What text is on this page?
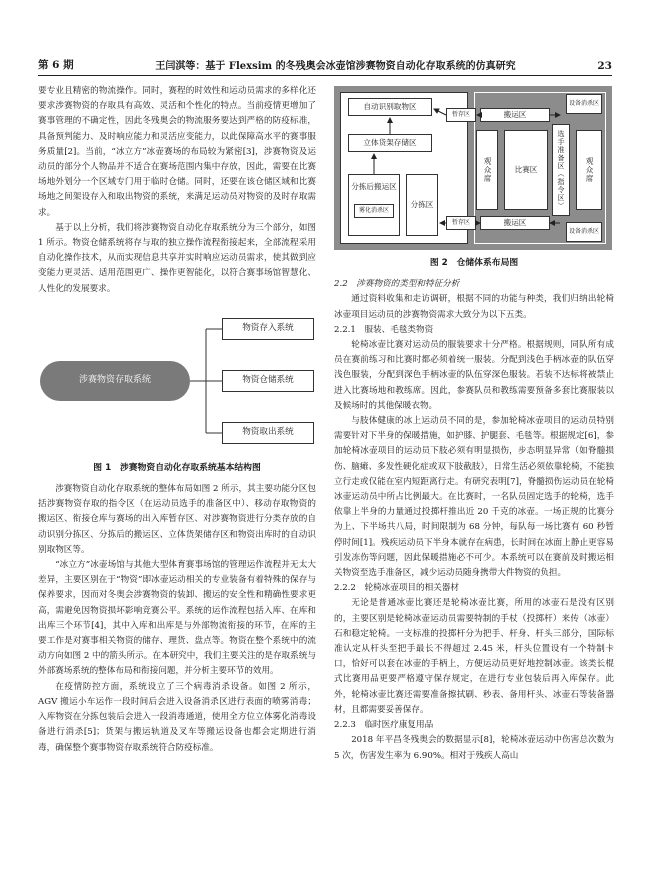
第 6 期	王闫淇等：基于 Flexsim 的冬残奥会冰壶馆涉赛物资自动化存取系统的仿真研究	23

要专业且精密的物流操作。同时，赛程的时效性和运动员需求的多样化还要求涉赛物资的存取具有高效、灵活和个性化的特点。当前疫情更增加了赛事管理的不确定性，因此冬残奥会的物流服务要达到严格的防疫标准，具备预判能力、及时响应能力和灵活应变能力，以此保障高水平的赛事服务质量[2]。当前，“冰立方”冰壶赛场的布局较为紧密[3]，涉赛物资及运动员的部分个人物品并不适合在赛场范围内集中存放，因此，需要在比赛场地外划分一个区域专门用于临时仓储。同时，还要在该仓储区域和比赛场地之间架设存入和取出物资的系统，来满足运动员对物资的及时存取需求。

基于以上分析，我们将涉赛物资自动化存取系统分为三个部分，如图 1 所示。物资仓储系统将存与取的独立操作流程衔接起来，全部流程采用自动化操作技术，从而实现信息共享并实时响应运动员需求，使其做到应变能力更灵活、适用范围更广、操作更智能化，以符合赛事场馆智慧化、人性化的发展要求。

涉赛物资存取系统
物资存入系统
物资仓储系统
物资取出系统
图 1　涉赛物资自动化存取系统基本结构图

涉赛物资自动化存取系统的整体布局如图 2 所示，其主要功能分区包括涉赛物资存取的指令区（在运动员选手的准备区中）、移动存取物资的搬运区、衔接仓库与赛场的出入库暂存区、对涉赛物资进行分类存放的自动识别分拣区、分拣后的搬运区、立体货架储存区和物资出库时的自动识别取物区等。

“冰立方”冰壶场馆与其他大型体育赛事场馆的管理运作流程并无太大差异，主要区别在于“物资”即冰壶运动相关的专业装备有着特殊的保存与保养要求，因而对冬奥会涉赛物资的装卸、搬运的安全性和精确性要求更高，需避免因物资损坏影响竞赛公平。系统的运作流程包括入库、在库和出库三个环节[4]，其中入库和出库是与外部物流衔接的环节，在库的主要工作是对赛事相关物资的储存、理货、盘点等。物资在整个系统中的流动方向如图 2 中的箭头所示。在本研究中，我们主要关注的是存取系统与外部赛场系统的整体布局和衔接问题，并分析主要环节的效用。

在疫情防控方面，系统设立了三个病毒消杀设备。如图 2 所示，AGV 搬运小车运作一段时间后会进入设备消杀区进行表面的喷雾消毒；入库物资在分拣包装后会进入一段消毒通道，使用全方位立体雾化消毒设备进行消杀[5]；货架与搬运轨道及叉车等搬运设备也都会定期进行消毒，确保整个赛事物资存取系统符合防疫标准。

自动识别取物区
立体货架存储区
分拣后搬运区
雾化消杀区
分拣区
暂存区
暂存区
搬运区
搬运区
设备消杀区
设备消杀区
观众席	比赛区	选手准备区（指令区）	观众席
图 2　仓储体系布局图
2.2　涉赛物资的类型和特征分析

通过资料收集和走访调研，根据不同的功能与种类，我们归纳出轮椅冰壶项目运动员的涉赛物资需求大致分为以下五类。

2.2.1　服装、毛毯类物资

轮椅冰壶比赛对运动员的服装要求十分严格。根据规则，同队所有成员在赛前练习和比赛时都必须着统一服装。分配到浅色手柄冰壶的队伍穿浅色服装，分配到深色手柄冰壶的队伍穿深色服装。若装不达标将被禁止进入比赛场地和教练席。因此，参赛队员和教练需要预备多套比赛服装以及候场时的其他保暖衣物。

与肢体健康的冰上运动员不同的是，参加轮椅冰壶项目的运动员特别需要针对下半身的保暖措施，如护膝、护腿套、毛毯等。根据规定[6]，参加轮椅冰壶项目的运动员下肢必须有明显损伤，步态明显异常（如脊髓损伤、脑瘫、多发性硬化症或双下肢截肢），日常生活必须依靠轮椅，不能独立行走或仅能在室内短距离行走。有研究表明[7]，脊髓损伤运动员在轮椅冰壶运动员中所占比例最大。在比赛时，一名队员固定选手的轮椅，选手依靠上半身的力量通过投掷杆推出近 20 千克的冰壶。一场正规的比赛分为上、下半场共八局，时间限制为 68 分钟，每队每一场比赛有 60 秒暂停时间[1]。残疾运动员下半身本就存在病患，长时间在冰面上静止更容易引发冻伤等问题，因此保暖措施必不可少。本系统可以在赛前及时搬运相关物资至选手准备区，减少运动员随身携带大件物资的负担。

2.2.2　轮椅冰壶项目的相关器材

无论是普通冰壶比赛还是轮椅冰壶比赛，所用的冰壶石是没有区别的，主要区别是轮椅冰壶运动员需要特制的手杖（投掷杆）来传（冰壶）石和稳定轮椅。一支标准的投掷杆分为把手、杆身、杆头三部分，国际标准认定从杆头至把手最长不得超过 2.45 米，杆头位置设有一个特制卡口，恰好可以套在冰壶的手柄上，方便运动员更好地控制冰壶。该类长棍式比赛用品更要严格遵守保存规定，在进行专业包装后再入库保存。此外，轮椅冰壶比赛还需要准备擦拭刷、秒表、备用杆头、冰壶石等装备器材，且都需要妥善保存。

2.2.3　临时医疗康复用品

2018 年平昌冬残奥会的数据显示[8]，轮椅冰壶运动中伤害总次数为 5 次，伤害发生率为 6.90%。相对于残疾人高山
